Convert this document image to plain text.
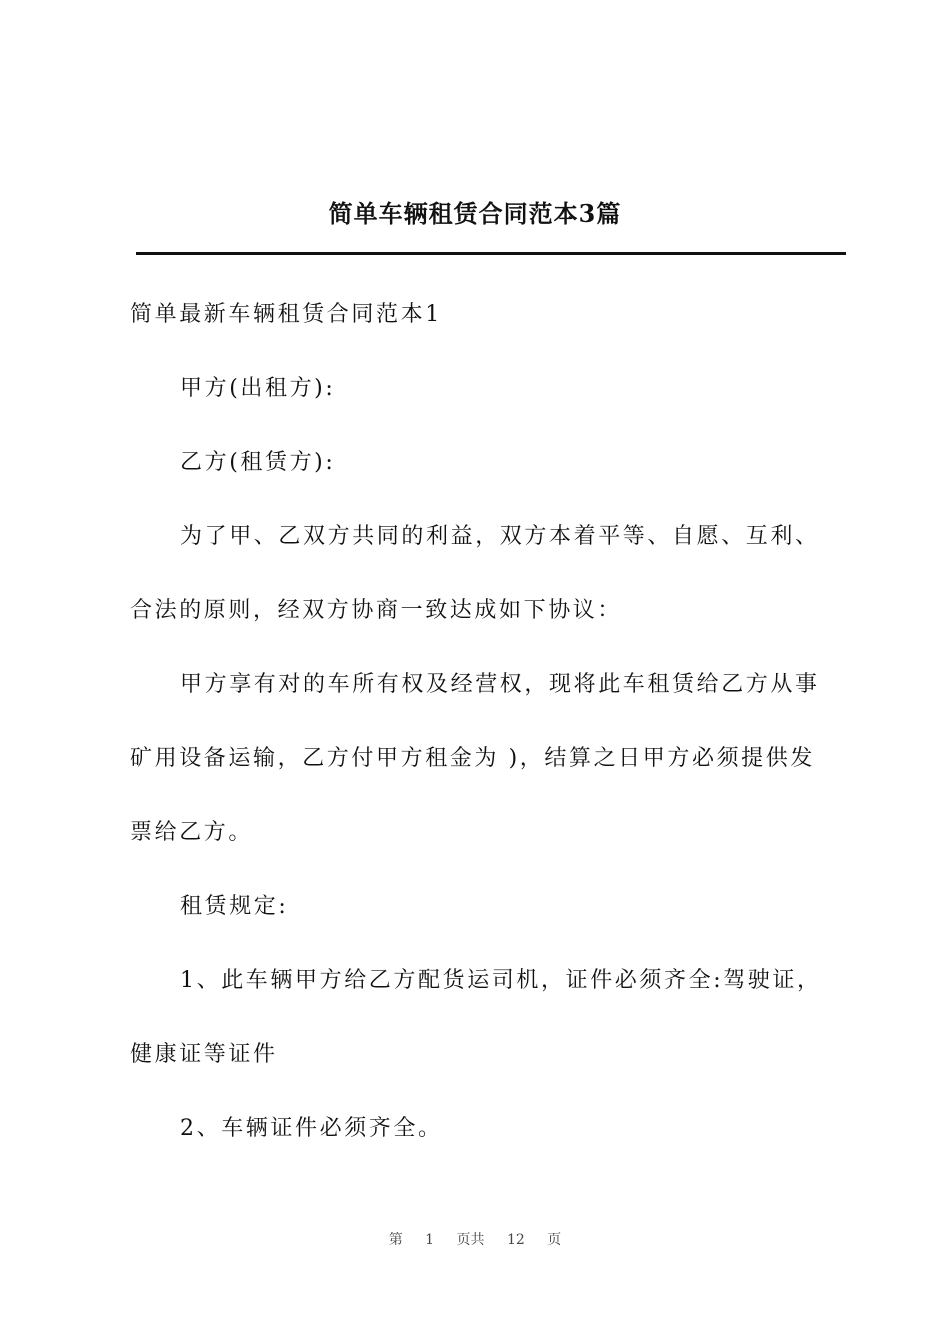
简单车辆租赁合同范本3篇

简单最新车辆租赁合同范本1

甲方(出租方):

乙方(租赁方):

为了甲、乙双方共同的利益，双方本着平等、自愿、互利、

合法的原则，经双方协商一致达成如下协议：

甲方享有对的车所有权及经营权，现将此车租赁给乙方从事

矿用设备运输，乙方付甲方租金为 )，结算之日甲方必须提供发

票给乙方。

租赁规定:

1、此车辆甲方给乙方配货运司机，证件必须齐全:驾驶证，

健康证等证件

2、车辆证件必须齐全。

第 1 页共 12 页
